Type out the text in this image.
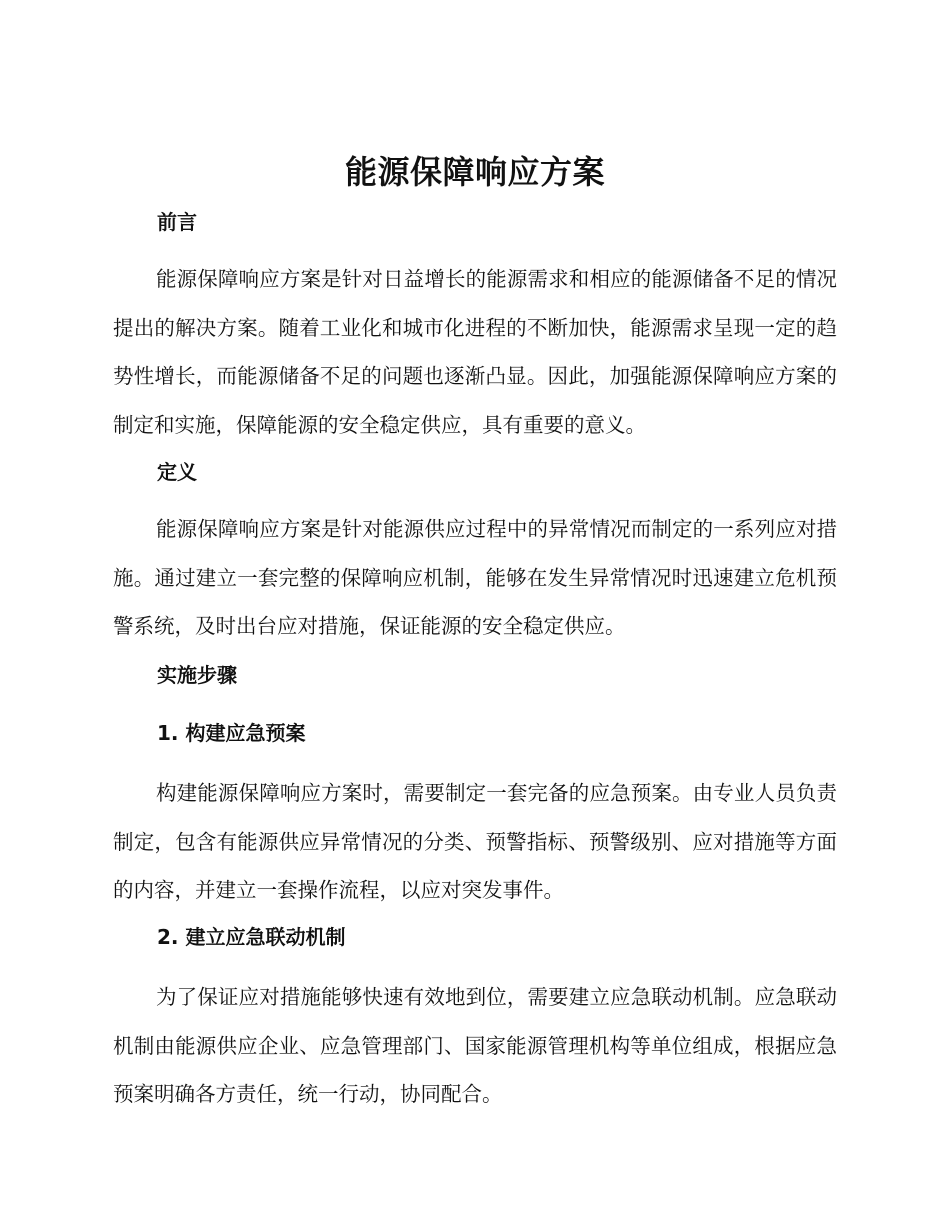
能源保障响应方案
前言
能源保障响应方案是针对日益增长的能源需求和相应的能源储备不足的情况提出的解决方案。随着工业化和城市化进程的不断加快，能源需求呈现一定的趋势性增长，而能源储备不足的问题也逐渐凸显。因此，加强能源保障响应方案的制定和实施，保障能源的安全稳定供应，具有重要的意义。
定义
能源保障响应方案是针对能源供应过程中的异常情况而制定的一系列应对措施。通过建立一套完整的保障响应机制，能够在发生异常情况时迅速建立危机预警系统，及时出台应对措施，保证能源的安全稳定供应。
实施步骤
1. 构建应急预案
构建能源保障响应方案时，需要制定一套完备的应急预案。由专业人员负责制定，包含有能源供应异常情况的分类、预警指标、预警级别、应对措施等方面的内容，并建立一套操作流程，以应对突发事件。
2. 建立应急联动机制
为了保证应对措施能够快速有效地到位，需要建立应急联动机制。应急联动机制由能源供应企业、应急管理部门、国家能源管理机构等单位组成，根据应急预案明确各方责任，统一行动，协同配合。
